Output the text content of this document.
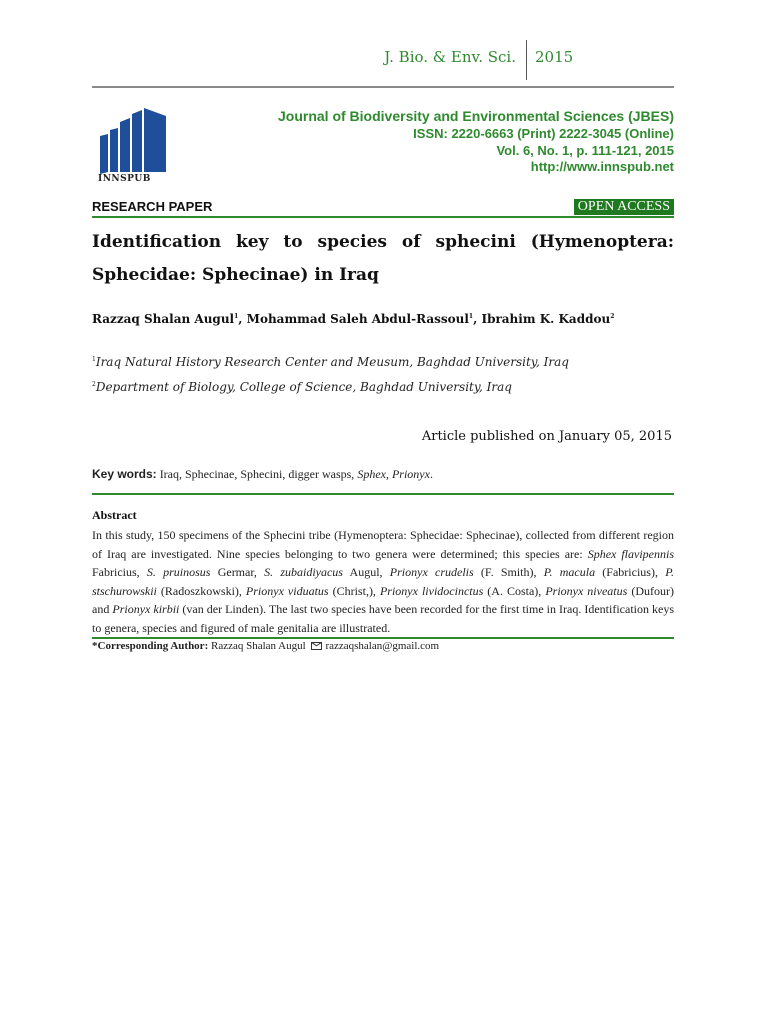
J. Bio. & Env. Sci. 2015
INNSPUB
Journal of Biodiversity and Environmental Sciences (JBES)
ISSN: 2220-6663 (Print) 2222-3045 (Online)
Vol. 6, No. 1, p. 111-121, 2015
http://www.innspub.net
RESEARCH PAPER	OPEN ACCESS
Identification key to species of sphecini (Hymenoptera: Sphecidae: Sphecinae) in Iraq
Razzaq Shalan Augul$^1$, Mohammad Saleh Abdul-Rassoul$^1$, Ibrahim K. Kaddou$^2$
$^1$Iraq Natural History Research Center and Meusum, Baghdad University, Iraq
$^2$Department of Biology, College of Science, Baghdad University, Iraq
Article published on January 05, 2015
Key words: Iraq, Sphecinae, Sphecini, digger wasps, Sphex, Prionyx.
Abstract
In this study, 150 specimens of the Sphecini tribe (Hymenoptera: Sphecidae: Sphecinae), collected from different region of Iraq are investigated. Nine species belonging to two genera were determined; this species are: Sphex flavipennis Fabricius, S. pruinosus Germar, S. zubaidiyacus Augul, Prionyx crudelis (F. Smith), P. macula (Fabricius), P. stschurowskii (Radoszkowski), Prionyx viduatus (Christ,), Prionyx lividocinctus (A. Costa), Prionyx niveatus (Dufour) and Prionyx kirbii (van der Linden). The last two species have been recorded for the first time in Iraq. Identification keys to genera, species and figured of male genitalia are illustrated.
*Corresponding Author: Razzaq Shalan Augul razzaqshalan@gmail.com
